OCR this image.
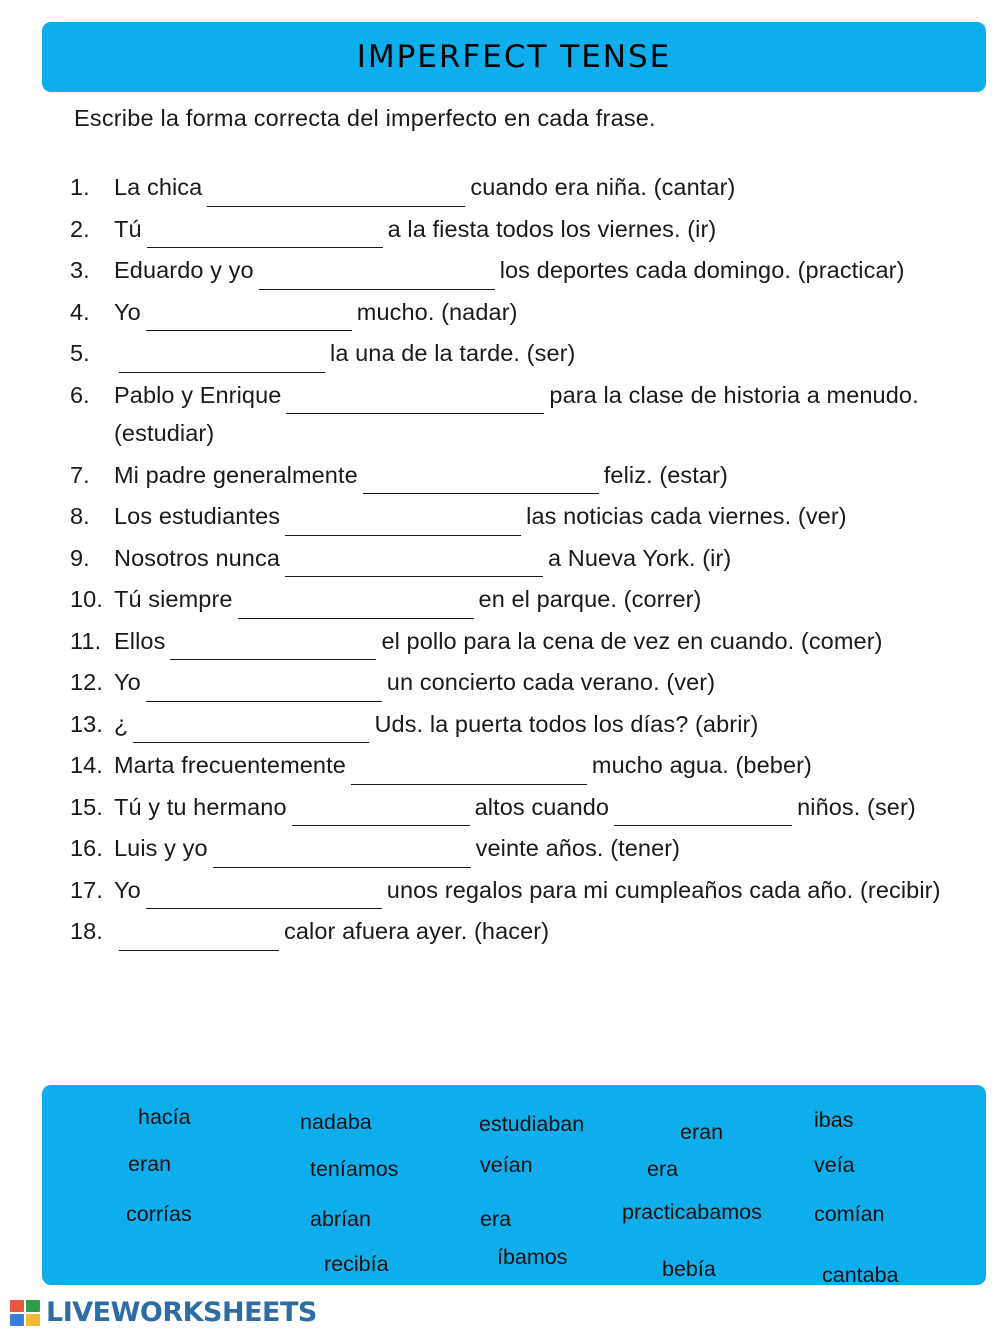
IMPERFECT TENSE
Escribe la forma correcta del imperfecto en cada frase.
1.	La chica	cuando era niña. (cantar)
2.	Tú	a la fiesta todos los viernes. (ir)
3.	Eduardo y yo	los deportes cada domingo. (practicar)
4.	Yo	mucho. (nadar)
5.	la una de la tarde. (ser)
6.	Pablo y Enrique	para la clase de historia a menudo. (estudiar)
7.	Mi padre generalmente	feliz. (estar)
8.	Los estudiantes	las noticias cada viernes. (ver)
9.	Nosotros nunca	a Nueva York. (ir)
10. Tú siempre	en el parque. (correr)
11. Ellos	el pollo para la cena de vez en cuando. (comer)
12. Yo	un concierto cada verano. (ver)
13. ¿	Uds. la puerta todos los días? (abrir)
14. Marta frecuentemente	mucho agua. (beber)
15. Tú y tu hermano	altos cuando	niños. (ser)
16. Luis y yo	veinte años. (tener)
17. Yo	unos regalos para mi cumpleaños cada año. (recibir)
18.	calor afuera ayer. (hacer)
hacía	nadaba	estudiaban	eran	ibas
eran	teníamos	veían	era	veía
corrías	abrían	era	practicabamos comían
recibía	íbamos	bebía	cantaba
LIVEWORKSHEETS
